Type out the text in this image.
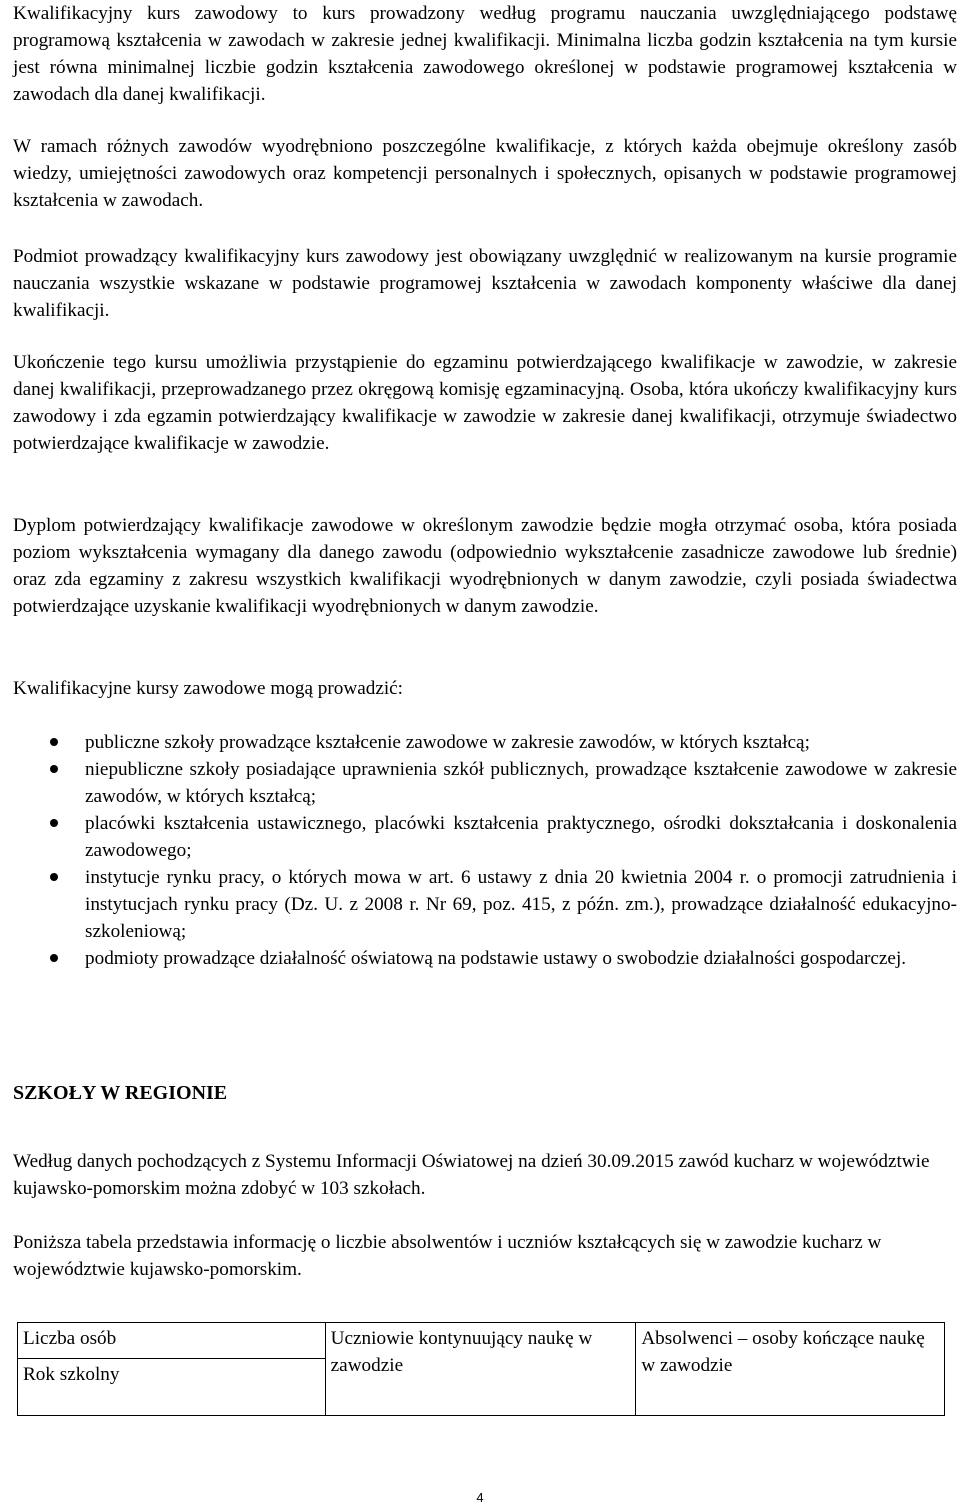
Kwalifikacyjny kurs zawodowy to kurs prowadzony według programu nauczania uwzględniającego podstawę programową kształcenia w zawodach w zakresie jednej kwalifikacji. Minimalna liczba godzin kształcenia na tym kursie jest równa minimalnej liczbie godzin kształcenia zawodowego określonej w podstawie programowej kształcenia w zawodach dla danej kwalifikacji.

W ramach różnych zawodów wyodrębniono poszczególne kwalifikacje, z których każda obejmuje określony zasób wiedzy, umiejętności zawodowych oraz kompetencji personalnych i społecznych, opisanych w podstawie programowej kształcenia w zawodach.

Podmiot prowadzący kwalifikacyjny kurs zawodowy jest obowiązany uwzględnić w realizowanym na kursie programie nauczania wszystkie wskazane w podstawie programowej kształcenia w zawodach komponenty właściwe dla danej kwalifikacji.

Ukończenie tego kursu umożliwia przystąpienie do egzaminu potwierdzającego kwalifikacje w zawodzie, w zakresie danej kwalifikacji, przeprowadzanego przez okręgową komisję egzaminacyjną. Osoba, która ukończy kwalifikacyjny kurs zawodowy i zda egzamin potwierdzający kwalifikacje w zawodzie w zakresie danej kwalifikacji, otrzymuje świadectwo potwierdzające kwalifikacje w zawodzie.

Dyplom potwierdzający kwalifikacje zawodowe w określonym zawodzie będzie mogła otrzymać osoba, która posiada poziom wykształcenia wymagany dla danego zawodu (odpowiednio wykształcenie zasadnicze zawodowe lub średnie) oraz zda egzaminy z zakresu wszystkich kwalifikacji wyodrębnionych w danym zawodzie, czyli posiada świadectwa potwierdzające uzyskanie kwalifikacji wyodrębnionych w danym zawodzie.

Kwalifikacyjne kursy zawodowe mogą prowadzić:

publiczne szkoły prowadzące kształcenie zawodowe w zakresie zawodów, w których kształcą;
niepubliczne szkoły posiadające uprawnienia szkół publicznych, prowadzące kształcenie zawodowe w zakresie zawodów, w których kształcą;
placówki kształcenia ustawicznego, placówki kształcenia praktycznego, ośrodki dokształcania i doskonalenia zawodowego;
instytucje rynku pracy, o których mowa w art. 6 ustawy z dnia 20 kwietnia 2004 r. o promocji zatrudnienia i instytucjach rynku pracy (Dz. U. z 2008 r. Nr 69, poz. 415, z późn. zm.), prowadzące działalność edukacyjno-szkoleniową;
podmioty prowadzące działalność oświatową na podstawie ustawy o swobodzie działalności gospodarczej.
SZKOŁY W REGIONIE

Według danych pochodzących z Systemu Informacji Oświatowej na dzień 30.09.2015 zawód kucharz w województwie kujawsko-pomorskim można zdobyć w 103 szkołach.

Poniższa tabela przedstawia informację o liczbie absolwentów i uczniów kształcących się w zawodzie kucharz w województwie kujawsko-pomorskim.

Liczba osób
Rok szkolny
	Uczniowie kontynuujący naukę w zawodzie	Absolwenci – osoby kończące naukę w zawodzie
4
